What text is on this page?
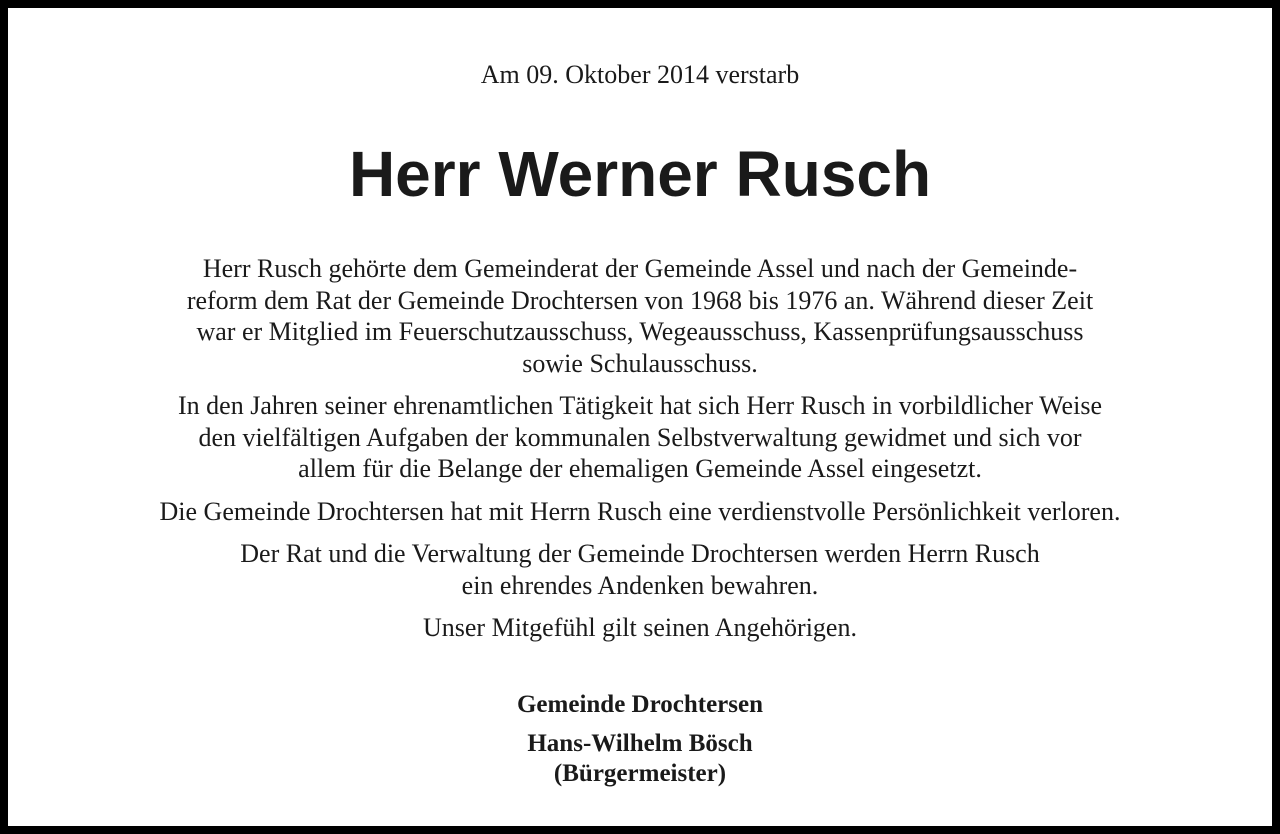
Am 09. Oktober 2014 verstarb
Herr Werner Rusch

Herr Rusch gehörte dem Gemeinderat der Gemeinde Assel und nach der Gemeinde-
reform dem Rat der Gemeinde Drochtersen von 1968 bis 1976 an. Während dieser Zeit
war er Mitglied im Feuerschutzausschuss, Wegeausschuss, Kassenprüfungsausschuss
sowie Schulausschuss.

In den Jahren seiner ehrenamtlichen Tätigkeit hat sich Herr Rusch in vorbildlicher Weise
den vielfältigen Aufgaben der kommunalen Selbstverwaltung gewidmet und sich vor
allem für die Belange der ehemaligen Gemeinde Assel eingesetzt.

Die Gemeinde Drochtersen hat mit Herrn Rusch eine verdienstvolle Persönlichkeit verloren.

Der Rat und die Verwaltung der Gemeinde Drochtersen werden Herrn Rusch
ein ehrendes Andenken bewahren.

Unser Mitgefühl gilt seinen Angehörigen.

Gemeinde Drochtersen
Hans-Wilhelm Bösch
(Bürgermeister)
